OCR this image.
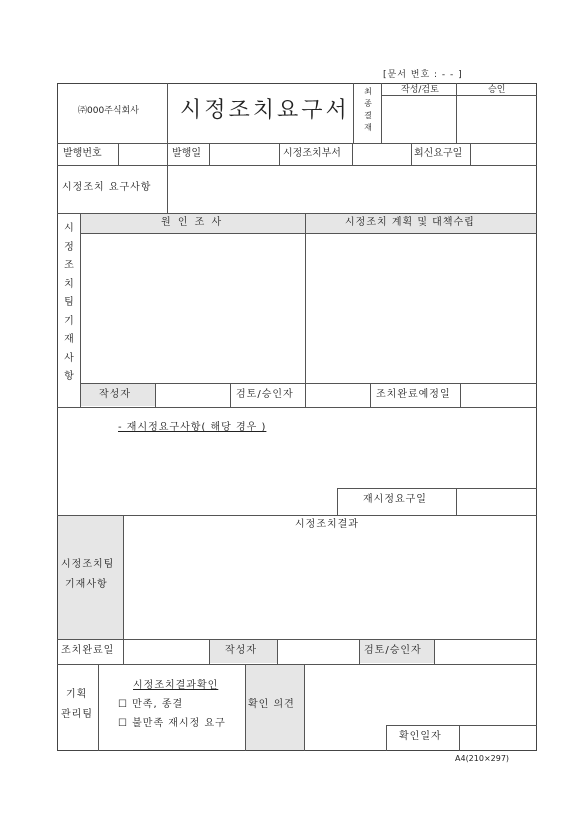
[문서 번호 : - - ]
㈜000주식회사 시정조치요구서
최
종
결
재
작성/검토	승인
발행번호	발행일	시정조치부서	회신요구일
시정조치 요구사항
시
정
조
치
팀
기
재
사
항
원 인 조 사	시정조치 계획 및 대책수립
작성자	검토/승인자	조치완료예정일
- 재시정요구사항( 해당 경우 )
재시정요구일
시정조치결과
시정조치팀
기재사항
조치완료일	작성자	검토/승인자
기획
관리팀
시정조치결과확인
☐ 만족, 종결
☐ 불만족 재시정 요구
확인 의견
확인일자
A4(210×297)
